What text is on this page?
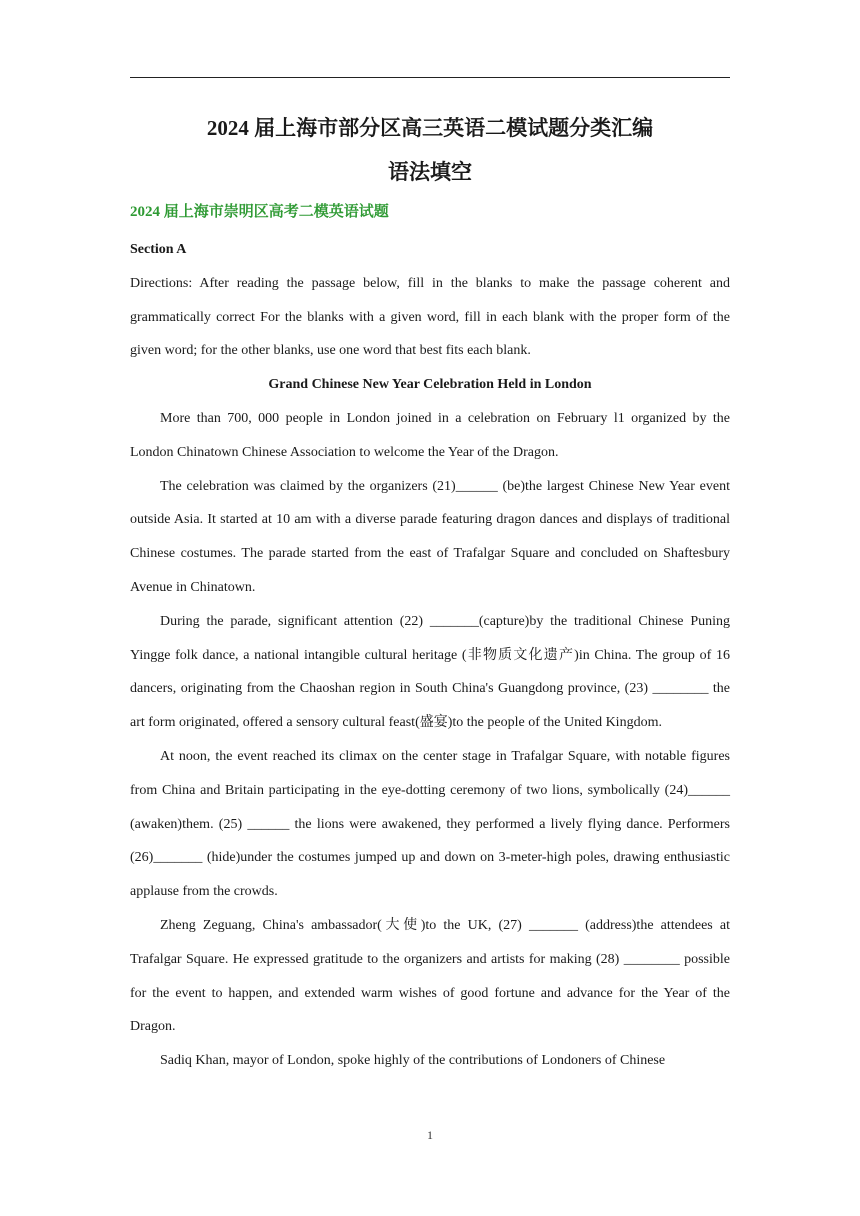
2024 届上海市部分区高三英语二模试题分类汇编
语法填空
2024 届上海市崇明区高考二模英语试题

Section A

Directions: After reading the passage below, fill in the blanks to make the passage coherent and grammatically correct For the blanks with a given word, fill in each blank with the proper form of the given word; for the other blanks, use one word that best fits each blank.

Grand Chinese New Year Celebration Held in London

More than 700, 000 people in London joined in a celebration on February l1 organized by the London Chinatown Chinese Association to welcome the Year of the Dragon.

The celebration was claimed by the organizers (21)______ (be)the largest Chinese New Year event outside Asia. It started at 10 am with a diverse parade featuring dragon dances and displays of traditional Chinese costumes. The parade started from the east of Trafalgar Square and concluded on Shaftesbury Avenue in Chinatown.

During the parade, significant attention (22) _______(capture)by the traditional Chinese Puning Yingge folk dance, a national intangible cultural heritage (非物质文化遗产)in China. The group of 16 dancers, originating from the Chaoshan region in South China's Guangdong province, (23) ________ the art form originated, offered a sensory cultural feast(盛宴)to the people of the United Kingdom.

At noon, the event reached its climax on the center stage in Trafalgar Square, with notable figures from China and Britain participating in the eye-dotting ceremony of two lions, symbolically (24)______ (awaken)them. (25) ______ the lions were awakened, they performed a lively flying dance. Performers (26)_______ (hide)under the costumes jumped up and down on 3-meter-high poles, drawing enthusiastic applause from the crowds.

Zheng Zeguang, China's ambassador(大使)to the UK, (27) _______ (address)the attendees at Trafalgar Square. He expressed gratitude to the organizers and artists for making (28) ________ possible for the event to happen, and extended warm wishes of good fortune and advance for the Year of the Dragon.

Sadiq Khan, mayor of London, spoke highly of the contributions of Londoners of Chinese

1
